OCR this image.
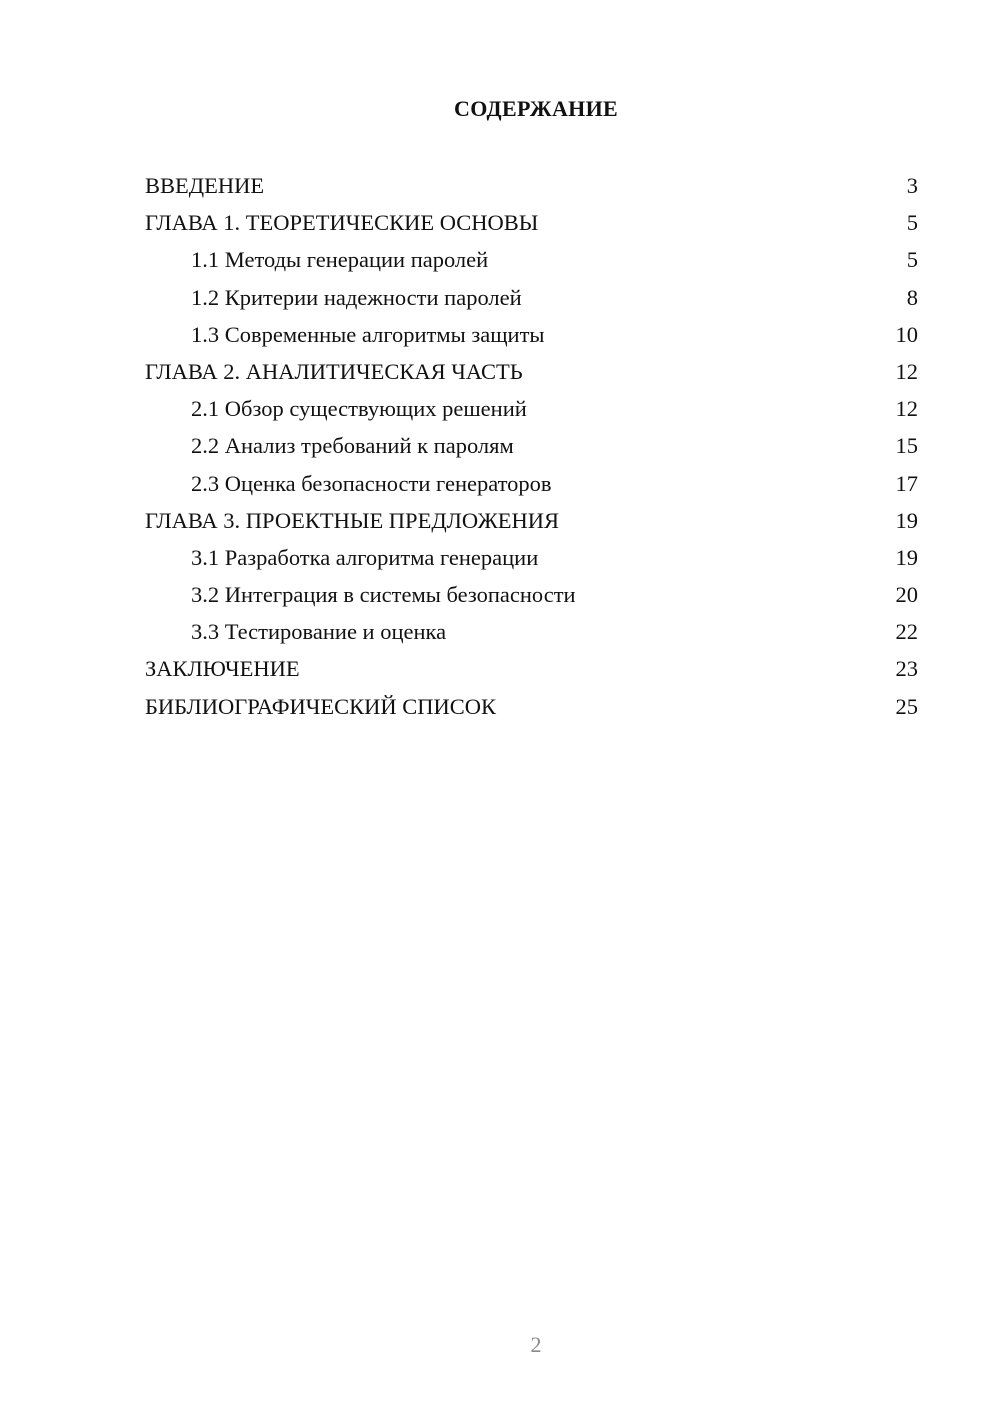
СОДЕРЖАНИЕ
ВВЕДЕНИЕ	3
ГЛАВА 1. ТЕОРЕТИЧЕСКИЕ ОСНОВЫ	5
1.1 Методы генерации паролей	5
1.2 Критерии надежности паролей	8
1.3 Современные алгоритмы защиты	10
ГЛАВА 2. АНАЛИТИЧЕСКАЯ ЧАСТЬ	12
2.1 Обзор существующих решений	12
2.2 Анализ требований к паролям	15
2.3 Оценка безопасности генераторов	17
ГЛАВА 3. ПРОЕКТНЫЕ ПРЕДЛОЖЕНИЯ	19
3.1 Разработка алгоритма генерации	19
3.2 Интеграция в системы безопасности	20
3.3 Тестирование и оценка	22
ЗАКЛЮЧЕНИЕ	23
БИБЛИОГРАФИЧЕСКИЙ СПИСОК	25
2
